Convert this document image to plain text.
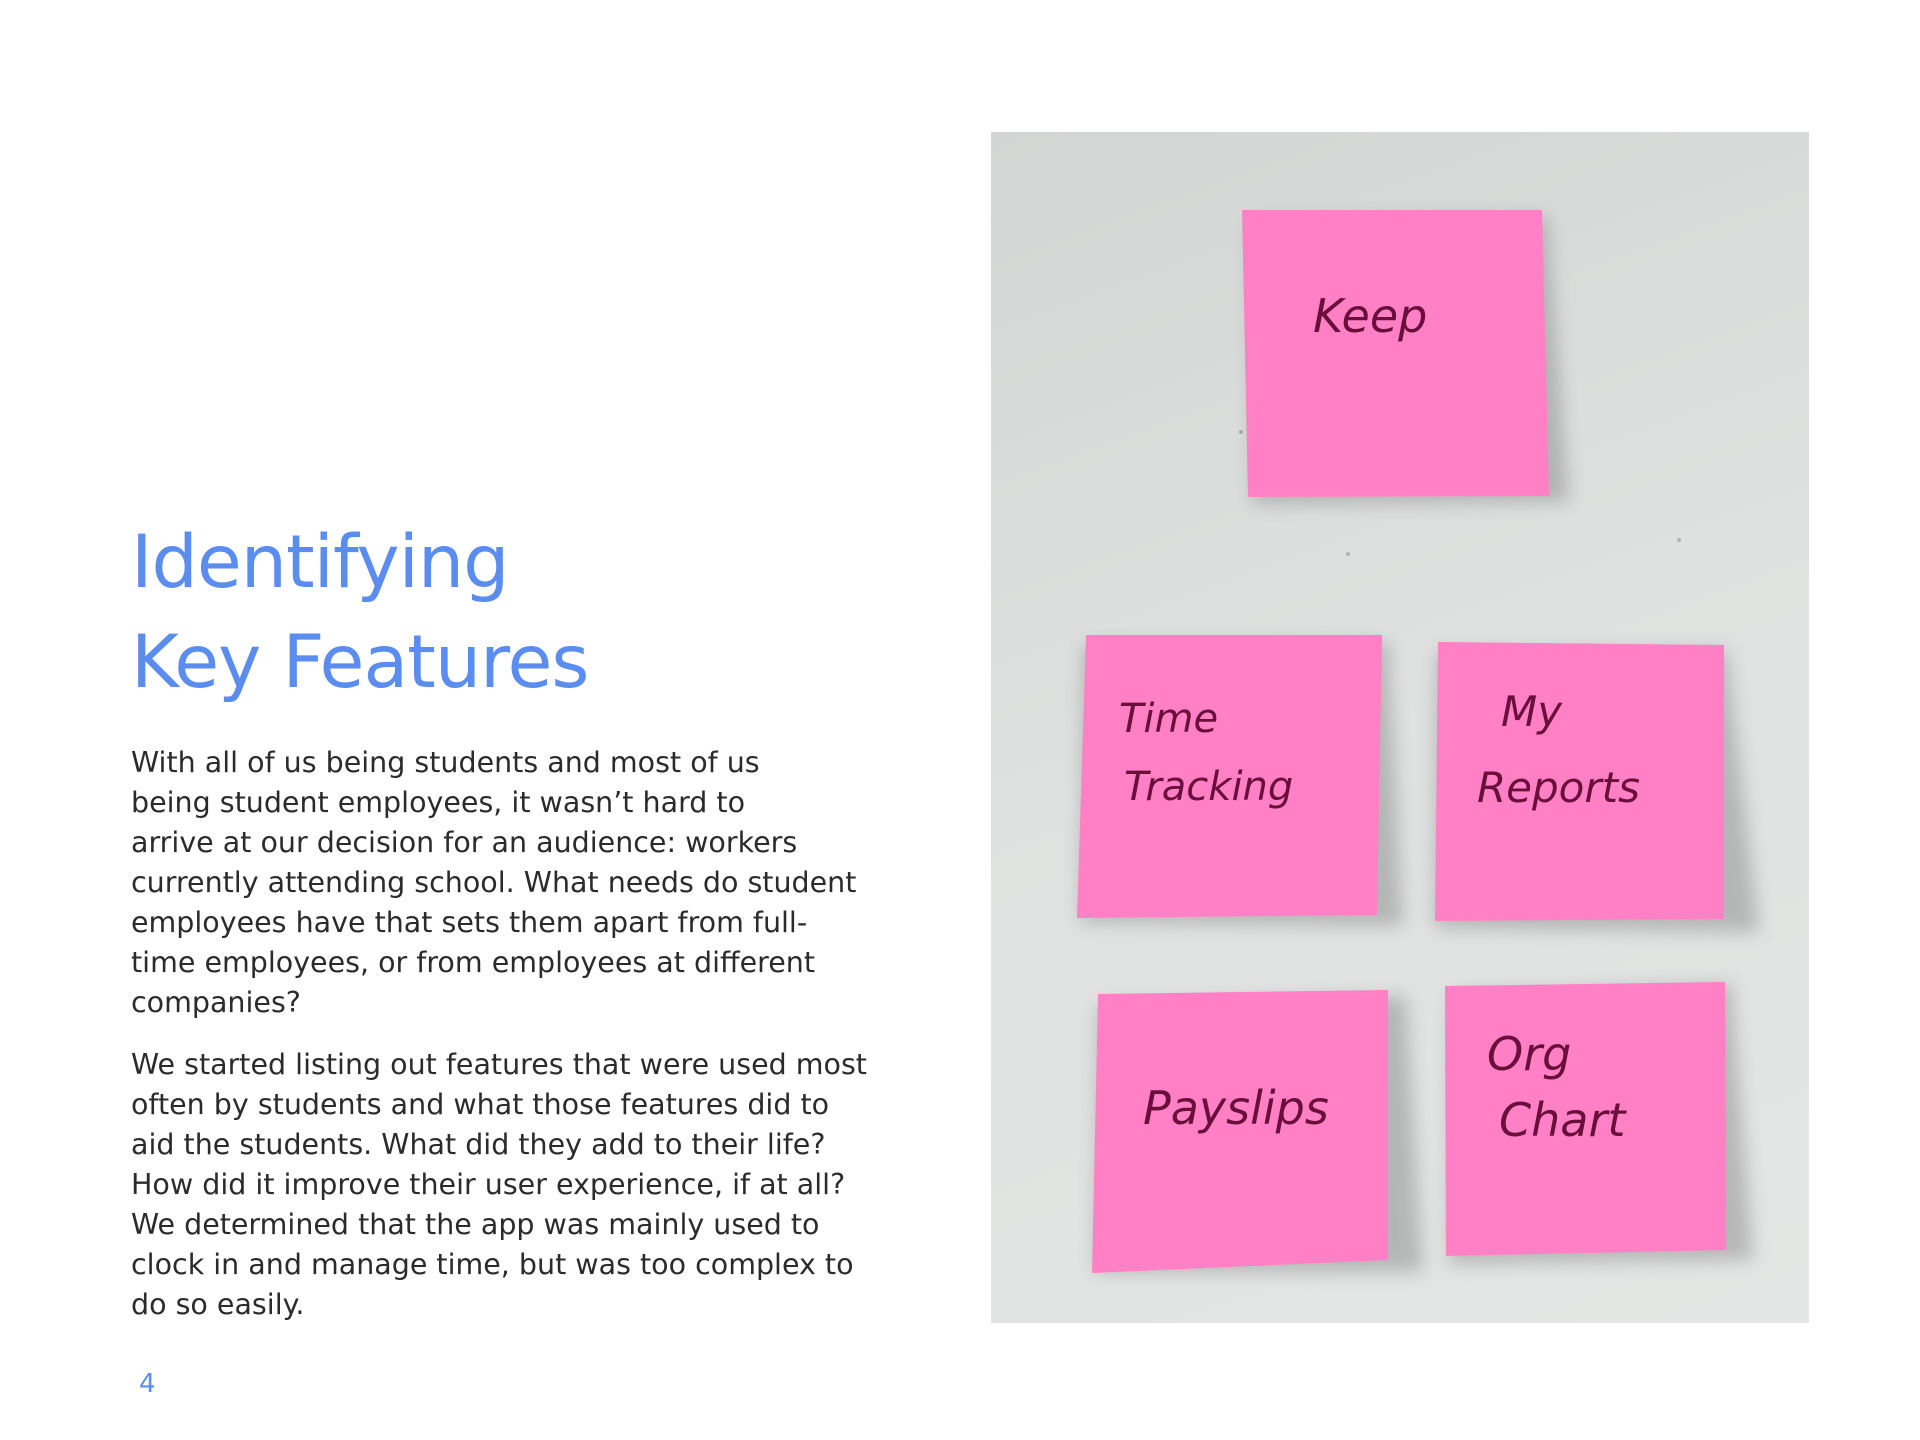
Identifying
Key Features

With all of us being students and most of us
being student employees, it wasn’t hard to
arrive at our decision for an audience: workers
currently attending school. What needs do student
employees have that sets them apart from full-
time employees, or from employees at different
companies?

We started listing out features that were used most
often by students and what those features did to
aid the students. What did they add to their life?
How did it improve their user experience, if at all?
We determined that the app was mainly used to
clock in and manage time, but was too complex to
do so easily.

4
Keep
Time
Tracking
My
Reports
Payslips
Org
Chart
